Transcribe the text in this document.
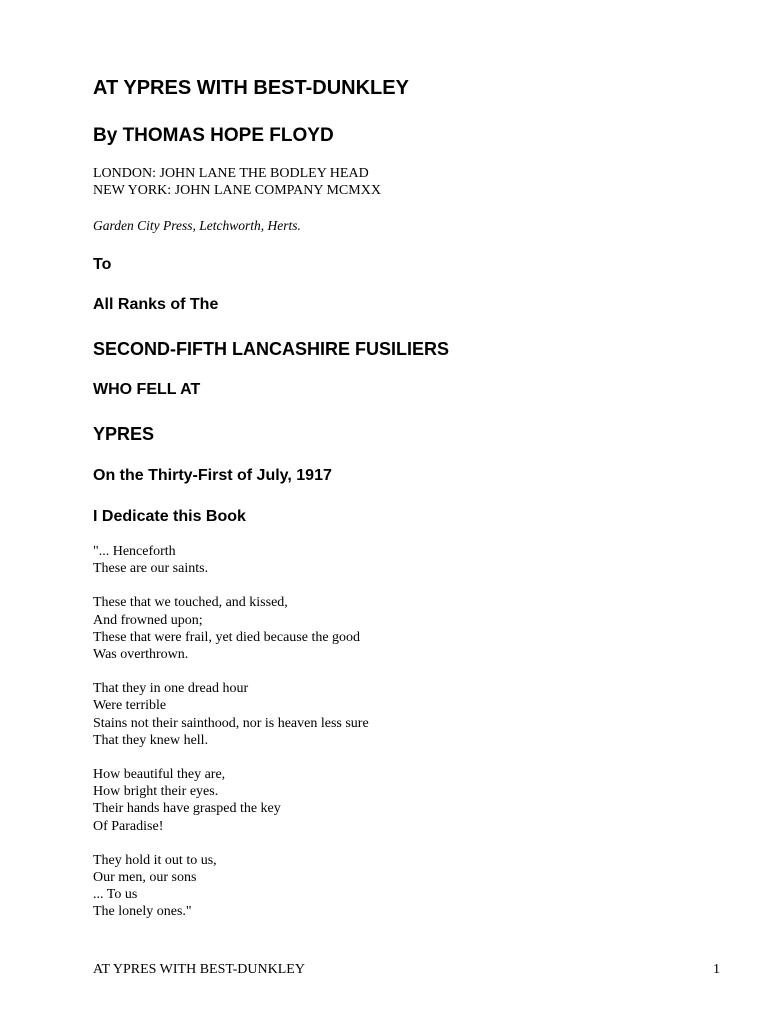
AT YPRES WITH BEST-DUNKLEY
By THOMAS HOPE FLOYD
LONDON: JOHN LANE THE BODLEY HEAD
NEW YORK: JOHN LANE COMPANY MCMXX
Garden City Press, Letchworth, Herts.
To
All Ranks of The
SECOND-FIFTH LANCASHIRE FUSILIERS
WHO FELL AT
YPRES
On the Thirty-First of July, 1917
I Dedicate this Book
"... Henceforth
These are our saints.
These that we touched, and kissed,
And frowned upon;
These that were frail, yet died because the good
Was overthrown.
That they in one dread hour
Were terrible
Stains not their sainthood, nor is heaven less sure
That they knew hell.
How beautiful they are,
How bright their eyes.
Their hands have grasped the key
Of Paradise!
They hold it out to us,
Our men, our sons
... To us
The lonely ones."
AT YPRES WITH BEST-DUNKLEY	1
